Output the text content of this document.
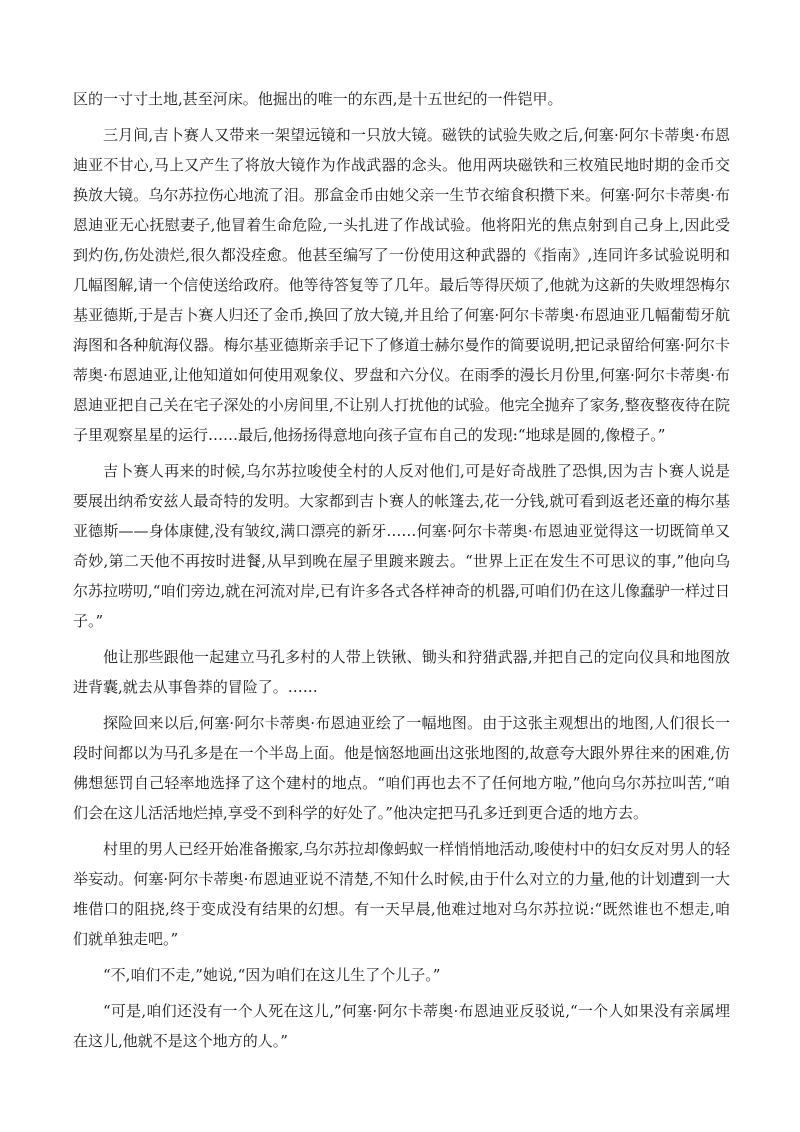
区的一寸寸土地,甚至河床。他掘出的唯一的东西,是十五世纪的一件铠甲。

三月间,吉卜赛人又带来一架望远镜和一只放大镜。磁铁的试验失败之后,何塞·阿尔卡蒂奥·布恩迪亚不甘心,马上又产生了将放大镜作为作战武器的念头。他用两块磁铁和三枚殖民地时期的金币交换放大镜。乌尔苏拉伤心地流了泪。那盒金币由她父亲一生节衣缩食积攒下来。何塞·阿尔卡蒂奥·布恩迪亚无心抚慰妻子,他冒着生命危险,一头扎进了作战试验。他将阳光的焦点射到自己身上,因此受到灼伤,伤处溃烂,很久都没痊愈。他甚至编写了一份使用这种武器的《指南》,连同许多试验说明和几幅图解,请一个信使送给政府。他等待答复等了几年。最后等得厌烦了,他就为这新的失败埋怨梅尔基亚德斯,于是吉卜赛人归还了金币,换回了放大镜,并且给了何塞·阿尔卡蒂奥·布恩迪亚几幅葡萄牙航海图和各种航海仪器。梅尔基亚德斯亲手记下了修道士赫尔曼作的简要说明,把记录留给何塞·阿尔卡蒂奥·布恩迪亚,让他知道如何使用观象仪、罗盘和六分仪。在雨季的漫长月份里,何塞·阿尔卡蒂奥·布恩迪亚把自己关在宅子深处的小房间里,不让别人打扰他的试验。他完全抛弃了家务,整夜整夜待在院子里观察星星的运行……最后,他扬扬得意地向孩子宣布自己的发现:“地球是圆的,像橙子。”

吉卜赛人再来的时候,乌尔苏拉唆使全村的人反对他们,可是好奇战胜了恐惧,因为吉卜赛人说是要展出纳希安兹人最奇特的发明。大家都到吉卜赛人的帐篷去,花一分钱,就可看到返老还童的梅尔基亚德斯——身体康健,没有皱纹,满口漂亮的新牙……何塞·阿尔卡蒂奥·布恩迪亚觉得这一切既简单又奇妙,第二天他不再按时进餐,从早到晚在屋子里踱来踱去。“世界上正在发生不可思议的事,”他向乌尔苏拉唠叨,“咱们旁边,就在河流对岸,已有许多各式各样神奇的机器,可咱们仍在这儿像蠢驴一样过日子。”

他让那些跟他一起建立马孔多村的人带上铁锹、锄头和狩猎武器,并把自己的定向仪具和地图放进背囊,就去从事鲁莽的冒险了。……

探险回来以后,何塞·阿尔卡蒂奥·布恩迪亚绘了一幅地图。由于这张主观想出的地图,人们很长一段时间都以为马孔多是在一个半岛上面。他是恼怒地画出这张地图的,故意夸大跟外界往来的困难,仿佛想惩罚自己轻率地选择了这个建村的地点。“咱们再也去不了任何地方啦,”他向乌尔苏拉叫苦,“咱们会在这儿活活地烂掉,享受不到科学的好处了。”他决定把马孔多迁到更合适的地方去。

村里的男人已经开始准备搬家,乌尔苏拉却像蚂蚁一样悄悄地活动,唆使村中的妇女反对男人的轻举妄动。何塞·阿尔卡蒂奥·布恩迪亚说不清楚,不知什么时候,由于什么对立的力量,他的计划遭到一大堆借口的阻挠,终于变成没有结果的幻想。有一天早晨,他难过地对乌尔苏拉说:“既然谁也不想走,咱们就单独走吧。”

“不,咱们不走,”她说,“因为咱们在这儿生了个儿子。”

“可是,咱们还没有一个人死在这儿,”何塞·阿尔卡蒂奥·布恩迪亚反驳说,“一个人如果没有亲属埋在这儿,他就不是这个地方的人。”
